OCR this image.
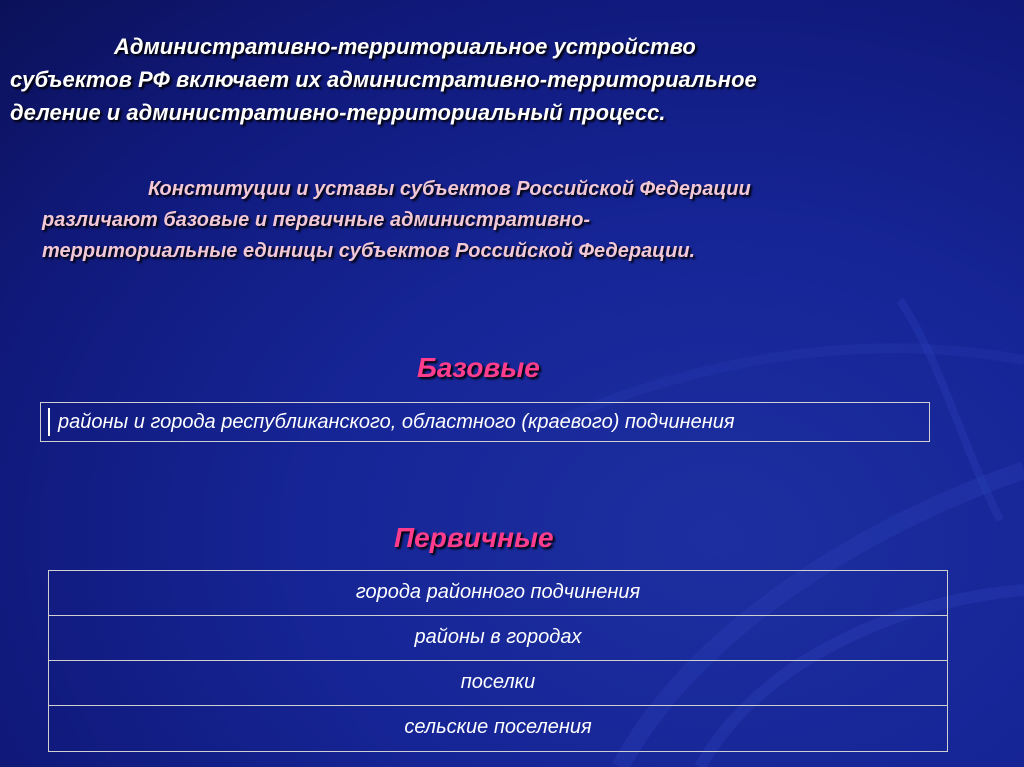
Административно-территориальное устройство
субъектов РФ включает их административно-территориальное
деление и административно-территориальный процесс.

Конституции и уставы субъектов Российской Федерации
различают базовые и первичные административно-
территориальные единицы субъектов Российской Федерации.

Базовые
районы и города республиканского, областного (краевого) подчинения
Первичные
города районного подчинения
районы в городах
поселки
сельские поселения
